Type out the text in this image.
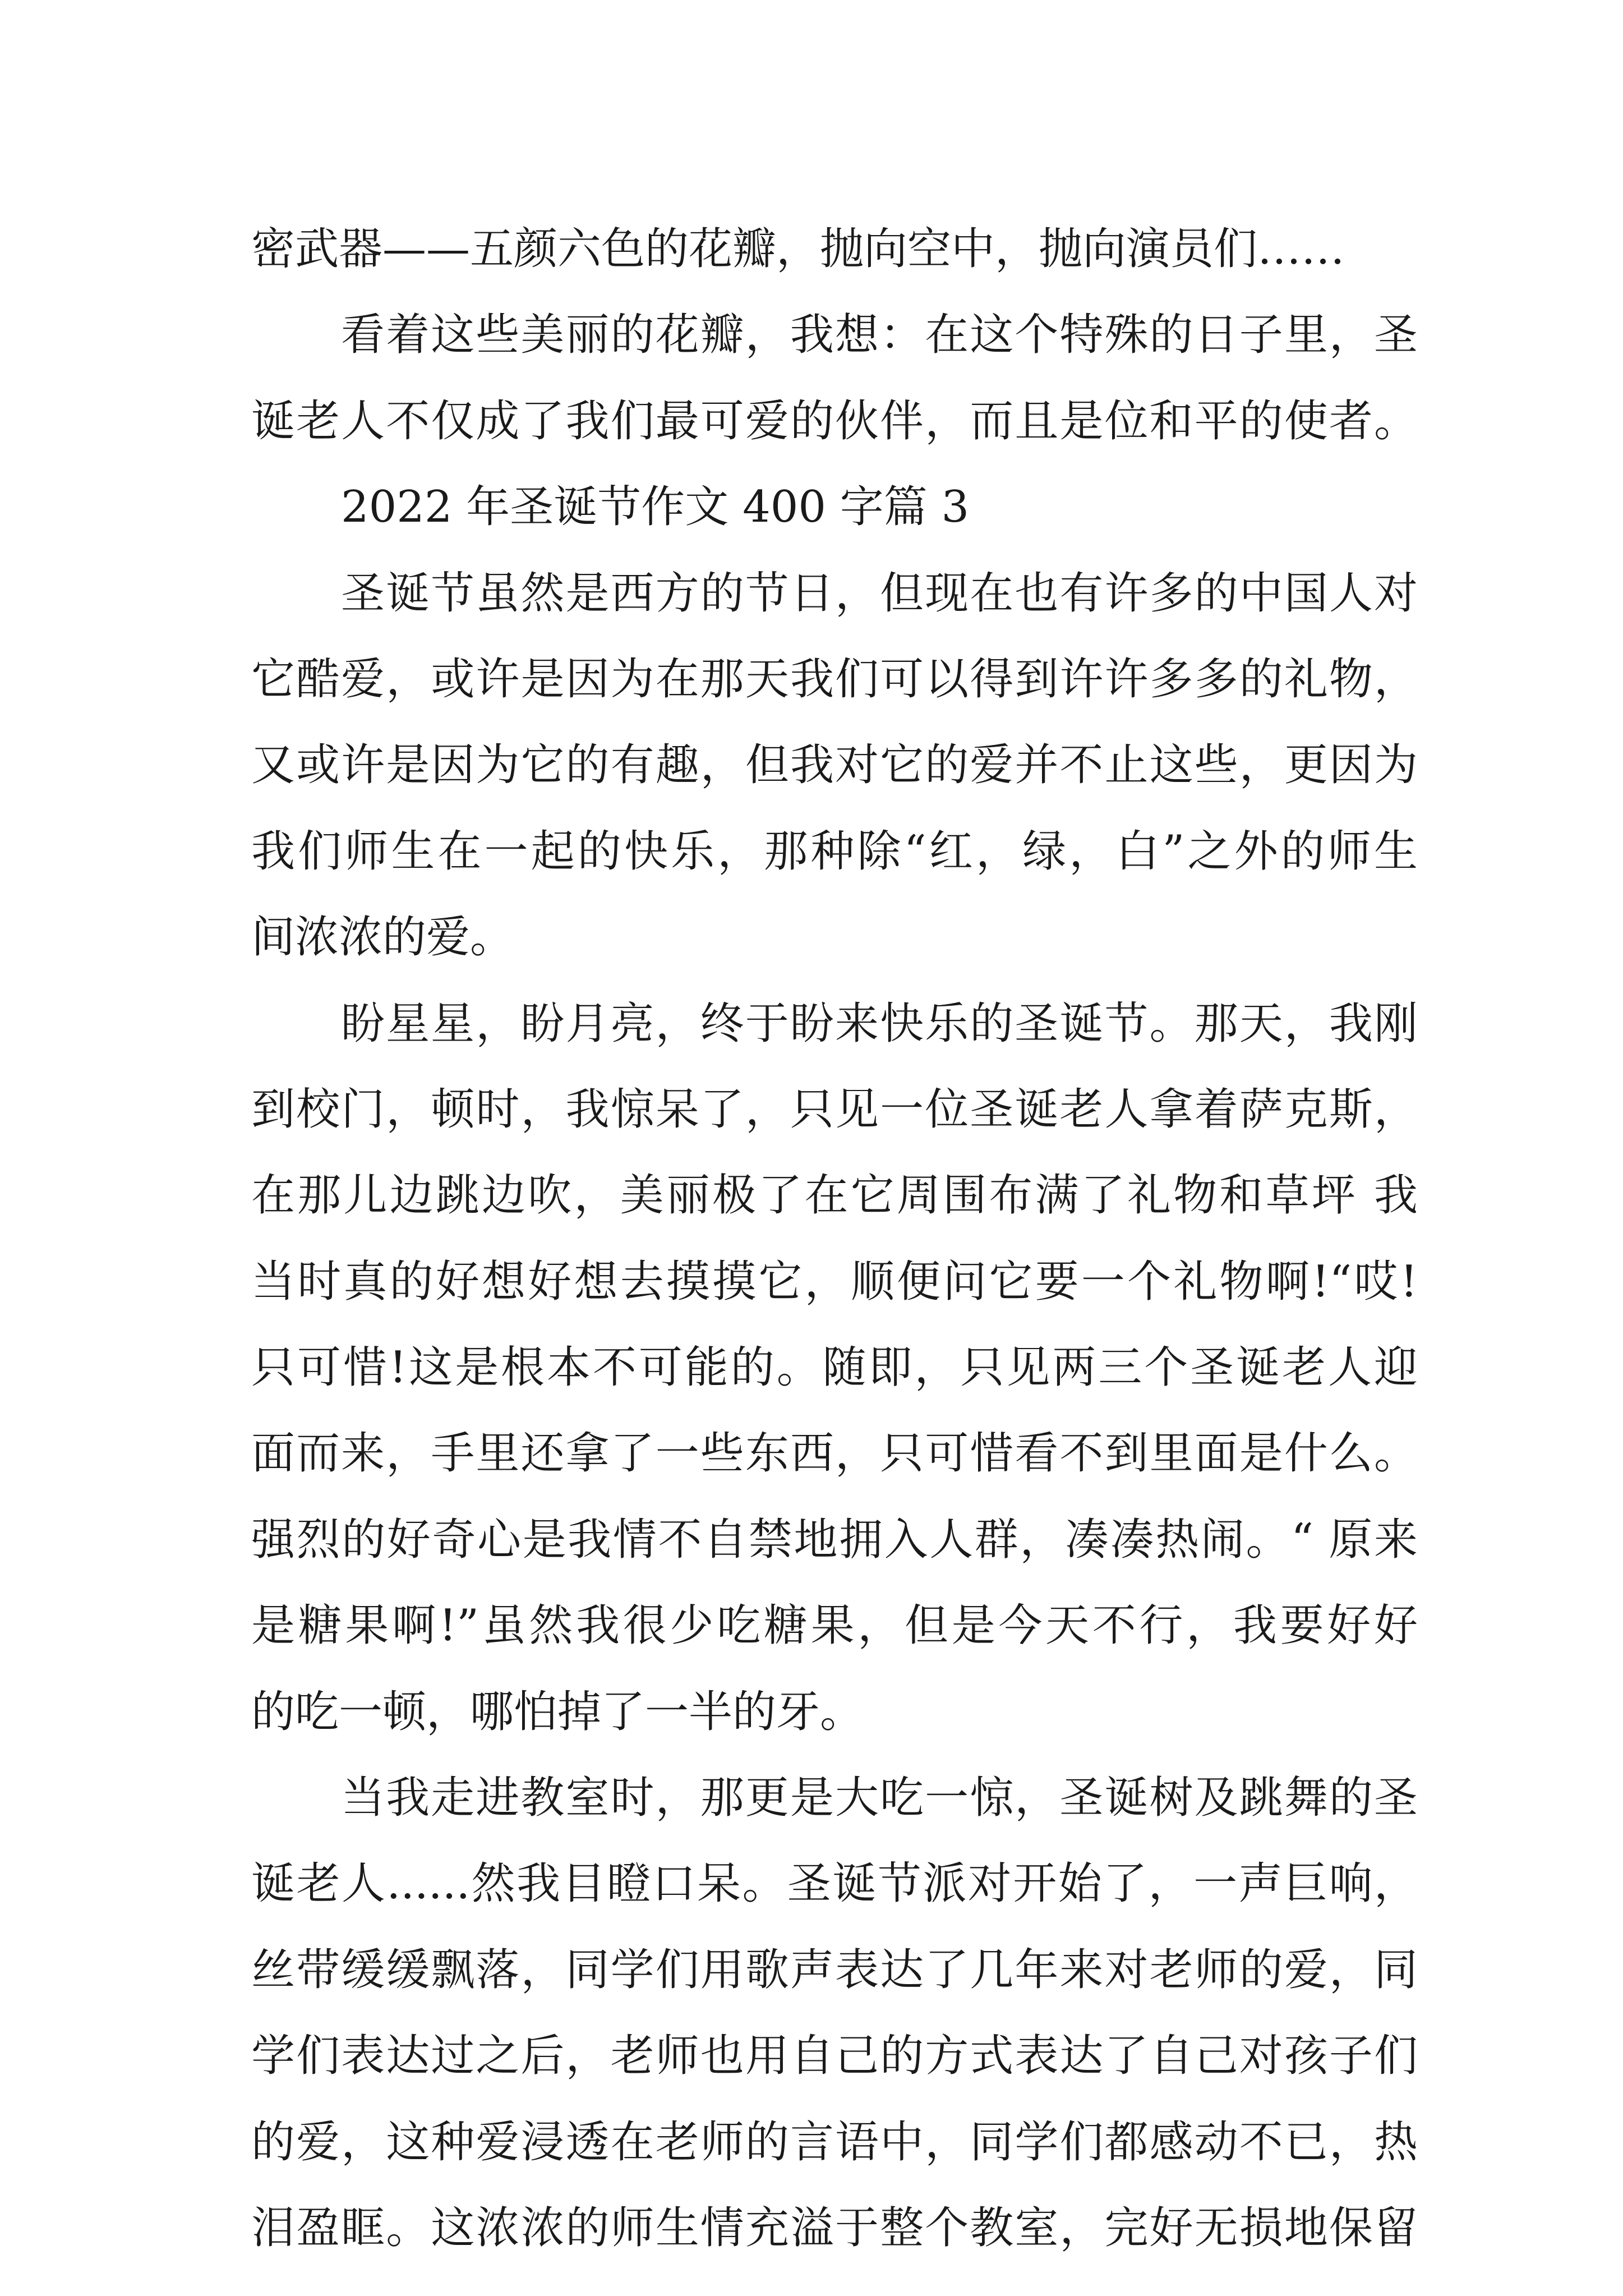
密武器——五颜六色的花瓣，抛向空中，抛向演员们……
看着这些美丽的花瓣，我想：在这个特殊的日子里，圣
诞老人不仅成了我们最可爱的伙伴，而且是位和平的使者。
2022 年圣诞节作文 400 字篇 3
圣诞节虽然是西方的节日，但现在也有许多的中国人对
它酷爱，或许是因为在那天我们可以得到许许多多的礼物，
又或许是因为它的有趣，但我对它的爱并不止这些，更因为
我们师生在一起的快乐，那种除“红，绿，白”之外的师生
间浓浓的爱。
盼星星，盼月亮，终于盼来快乐的圣诞节。那天，我刚
到校门，顿时，我惊呆了，只见一位圣诞老人拿着萨克斯，
在那儿边跳边吹，美丽极了在它周围布满了礼物和草坪 我
当时真的好想好想去摸摸它，顺便问它要一个礼物啊!“哎!
只可惜!这是根本不可能的。随即，只见两三个圣诞老人迎
面而来，手里还拿了一些东西，只可惜看不到里面是什么。
强烈的好奇心是我情不自禁地拥入人群，凑凑热闹。“ 原来
是糖果啊!”虽然我很少吃糖果，但是今天不行，我要好好
的吃一顿，哪怕掉了一半的牙。
当我走进教室时，那更是大吃一惊，圣诞树及跳舞的圣
诞老人......然我目瞪口呆。圣诞节派对开始了，一声巨响，
丝带缓缓飘落，同学们用歌声表达了几年来对老师的爱，同
学们表达过之后，老师也用自己的方式表达了自己对孩子们
的爱，这种爱浸透在老师的言语中，同学们都感动不已，热
泪盈眶。这浓浓的师生情充溢于整个教室，完好无损地保留
